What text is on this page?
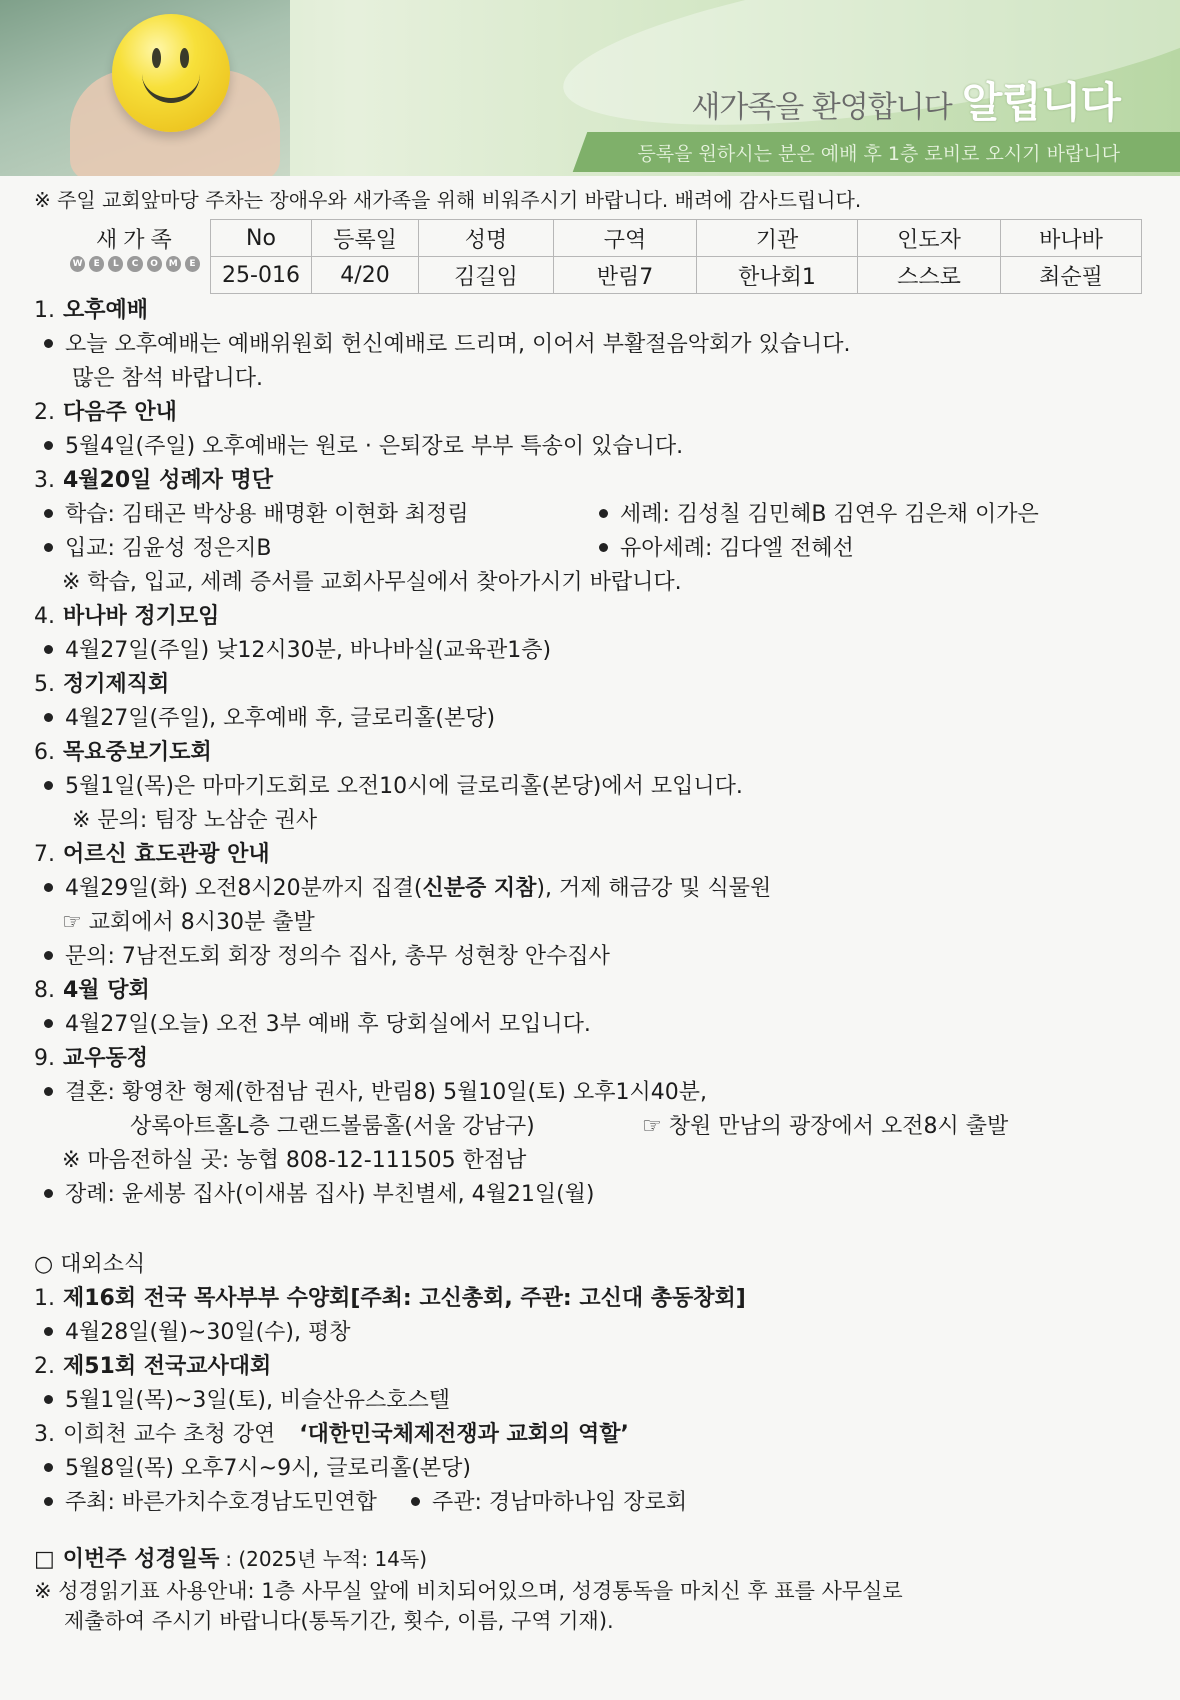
새가족을 환영합니다 알립니다
등록을 원하시는 분은 예배 후 1층 로비로 오시기 바랍니다
※ 주일 교회앞마당 주차는 장애우와 새가족을 위해 비워주시기 바랍니다. 배려에 감사드립니다.
새가족
W	E	L	C	O	M	E
No	등록일	성명	구역	기관	인도자	바나바
25-016	4/20	김길임	반림7	한나회1	스스로	최순필
1. 오후예배
오늘 오후예배는 예배위원회 헌신예배로 드리며, 이어서 부활절음악회가 있습니다.
많은 참석 바랍니다.
2. 다음주 안내
5월4일(주일) 오후예배는 원로 · 은퇴장로 부부 특송이 있습니다.
3. 4월20일 성례자 명단
학습: 김태곤 박상용 배명환 이현화 최정림	세례: 김성칠 김민혜B 김연우 김은채 이가은
입교: 김윤성 정은지B	유아세례: 김다엘 전혜선
※ 학습, 입교, 세례 증서를 교회사무실에서 찾아가시기 바랍니다.
4. 바나바 정기모임
4월27일(주일) 낮12시30분, 바나바실(교육관1층)
5. 정기제직회
4월27일(주일), 오후예배 후, 글로리홀(본당)
6. 목요중보기도회
5월1일(목)은 마마기도회로 오전10시에 글로리홀(본당)에서 모입니다.
※ 문의: 팀장 노삼순 권사
7. 어르신 효도관광 안내
4월29일(화) 오전8시20분까지 집결(신분증 지참), 거제 해금강 및 식물원
☞ 교회에서 8시30분 출발
문의: 7남전도회 회장 정의수 집사, 총무 성현창 안수집사
8. 4월 당회
4월27일(오늘) 오전 3부 예배 후 당회실에서 모입니다.
9. 교우동정
결혼: 황영찬 형제(한점남 권사, 반림8) 5월10일(토) 오후1시40분,
상록아트홀L층 그랜드볼룸홀(서울 강남구)	☞ 창원 만남의 광장에서 오전8시 출발
※ 마음전하실 곳: 농협 808-12-111505 한점남
장례: 윤세봉 집사(이새봄 집사) 부친별세, 4월21일(월)
○ 대외소식
1. 제16회 전국 목사부부 수양회[주최: 고신총회, 주관: 고신대 총동창회]
4월28일(월)~30일(수), 평창
2. 제51회 전국교사대회
5월1일(목)~3일(토), 비슬산유스호스텔
3. 이희천 교수 초청 강연 ‘대한민국체제전쟁과 교회의 역할’
5월8일(목) 오후7시~9시, 글로리홀(본당)
주최: 바른가치수호경남도민연합	주관: 경남마하나임 장로회
□ 이번주 성경일독 : (2025년 누적: 14독)
※ 성경읽기표 사용안내: 1층 사무실 앞에 비치되어있으며, 성경통독을 마치신 후 표를 사무실로
제출하여 주시기 바랍니다(통독기간, 횟수, 이름, 구역 기재).
